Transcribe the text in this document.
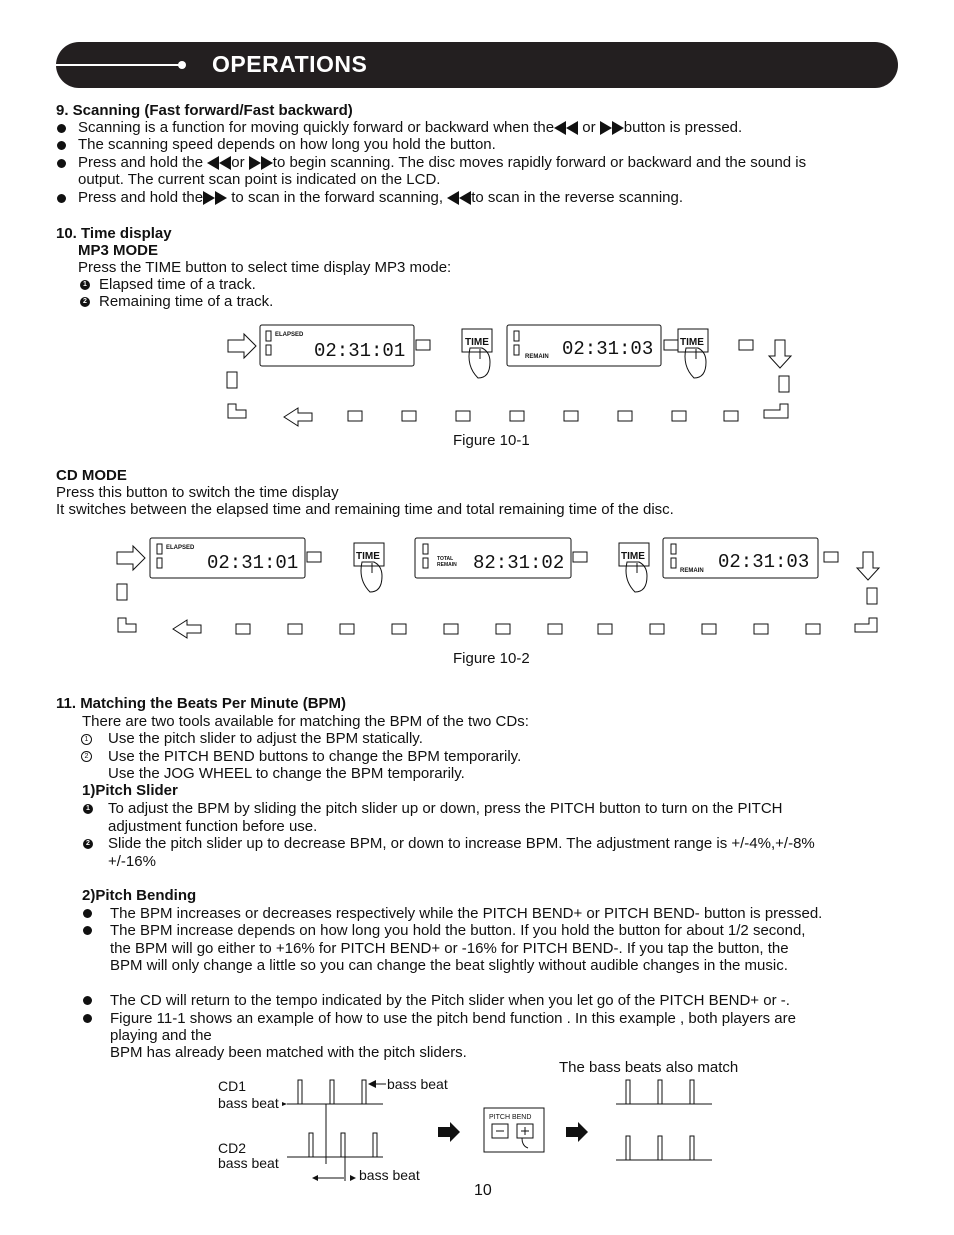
OPERATIONS
9. Scanning (Fast forward/Fast backward)
Scanning is a function for moving quickly forward or backward when the or button is pressed.
The scanning speed depends on how long you hold the button.
Press and hold the or to begin scanning. The disc moves rapidly forward or backward and the sound is
output. The current scan point is indicated on the LCD.
Press and hold the to scan in the forward scanning, to scan in the reverse scanning.
10. Time display
MP3 MODE
Press the TIME button to select time display MP3 mode:
1 Elapsed time of a track.
2 Remaining time of a track.
ELAPSED
02:31:01	TIME
REMAIN 02:31:03	TIME
Figure 10-1
CD MODE
Press this button to switch the time display
It switches between the elapsed time and remaining time and total remaining time of the disc.
ELAPSED
02:31:01	TIME	TOTAL
REMAIN 82:31:02	TIME
REMAIN 02:31:03
Figure 10-2
11. Matching the Beats Per Minute (BPM)
There are two tools available for matching the BPM of the two CDs:
1 Use the pitch slider to adjust the BPM statically.
2 Use the PITCH BEND buttons to change the BPM temporarily.
Use the JOG WHEEL to change the BPM temporarily.
1)Pitch Slider
1 To adjust the BPM by sliding the pitch slider up or down, press the PITCH button to turn on the PITCH
adjustment function before use.
2 Slide the pitch slider up to decrease BPM, or down to increase BPM. The adjustment range is +/-4%,+/-8%
+/-16%
2)Pitch Bending
The BPM increases or decreases respectively while the PITCH BEND+ or PITCH BEND- button is pressed.
The BPM increase depends on how long you hold the button. If you hold the button for about 1/2 second,
the BPM will go either to +16% for PITCH BEND+ or -16% for PITCH BEND-. If you tap the button, the
BPM will only change a little so you can change the beat slightly without audible changes in the music.
The CD will return to the tempo indicated by the Pitch slider when you let go of the PITCH BEND+ or -.
Figure 11-1 shows an example of how to use the pitch bend function . In this example , both players are
playing and the
BPM has already been matched with the pitch sliders.
The bass beats also match
CD1
bass beat
bass beat
CD2
bass beat
bass beat
PITCH BEND
10
